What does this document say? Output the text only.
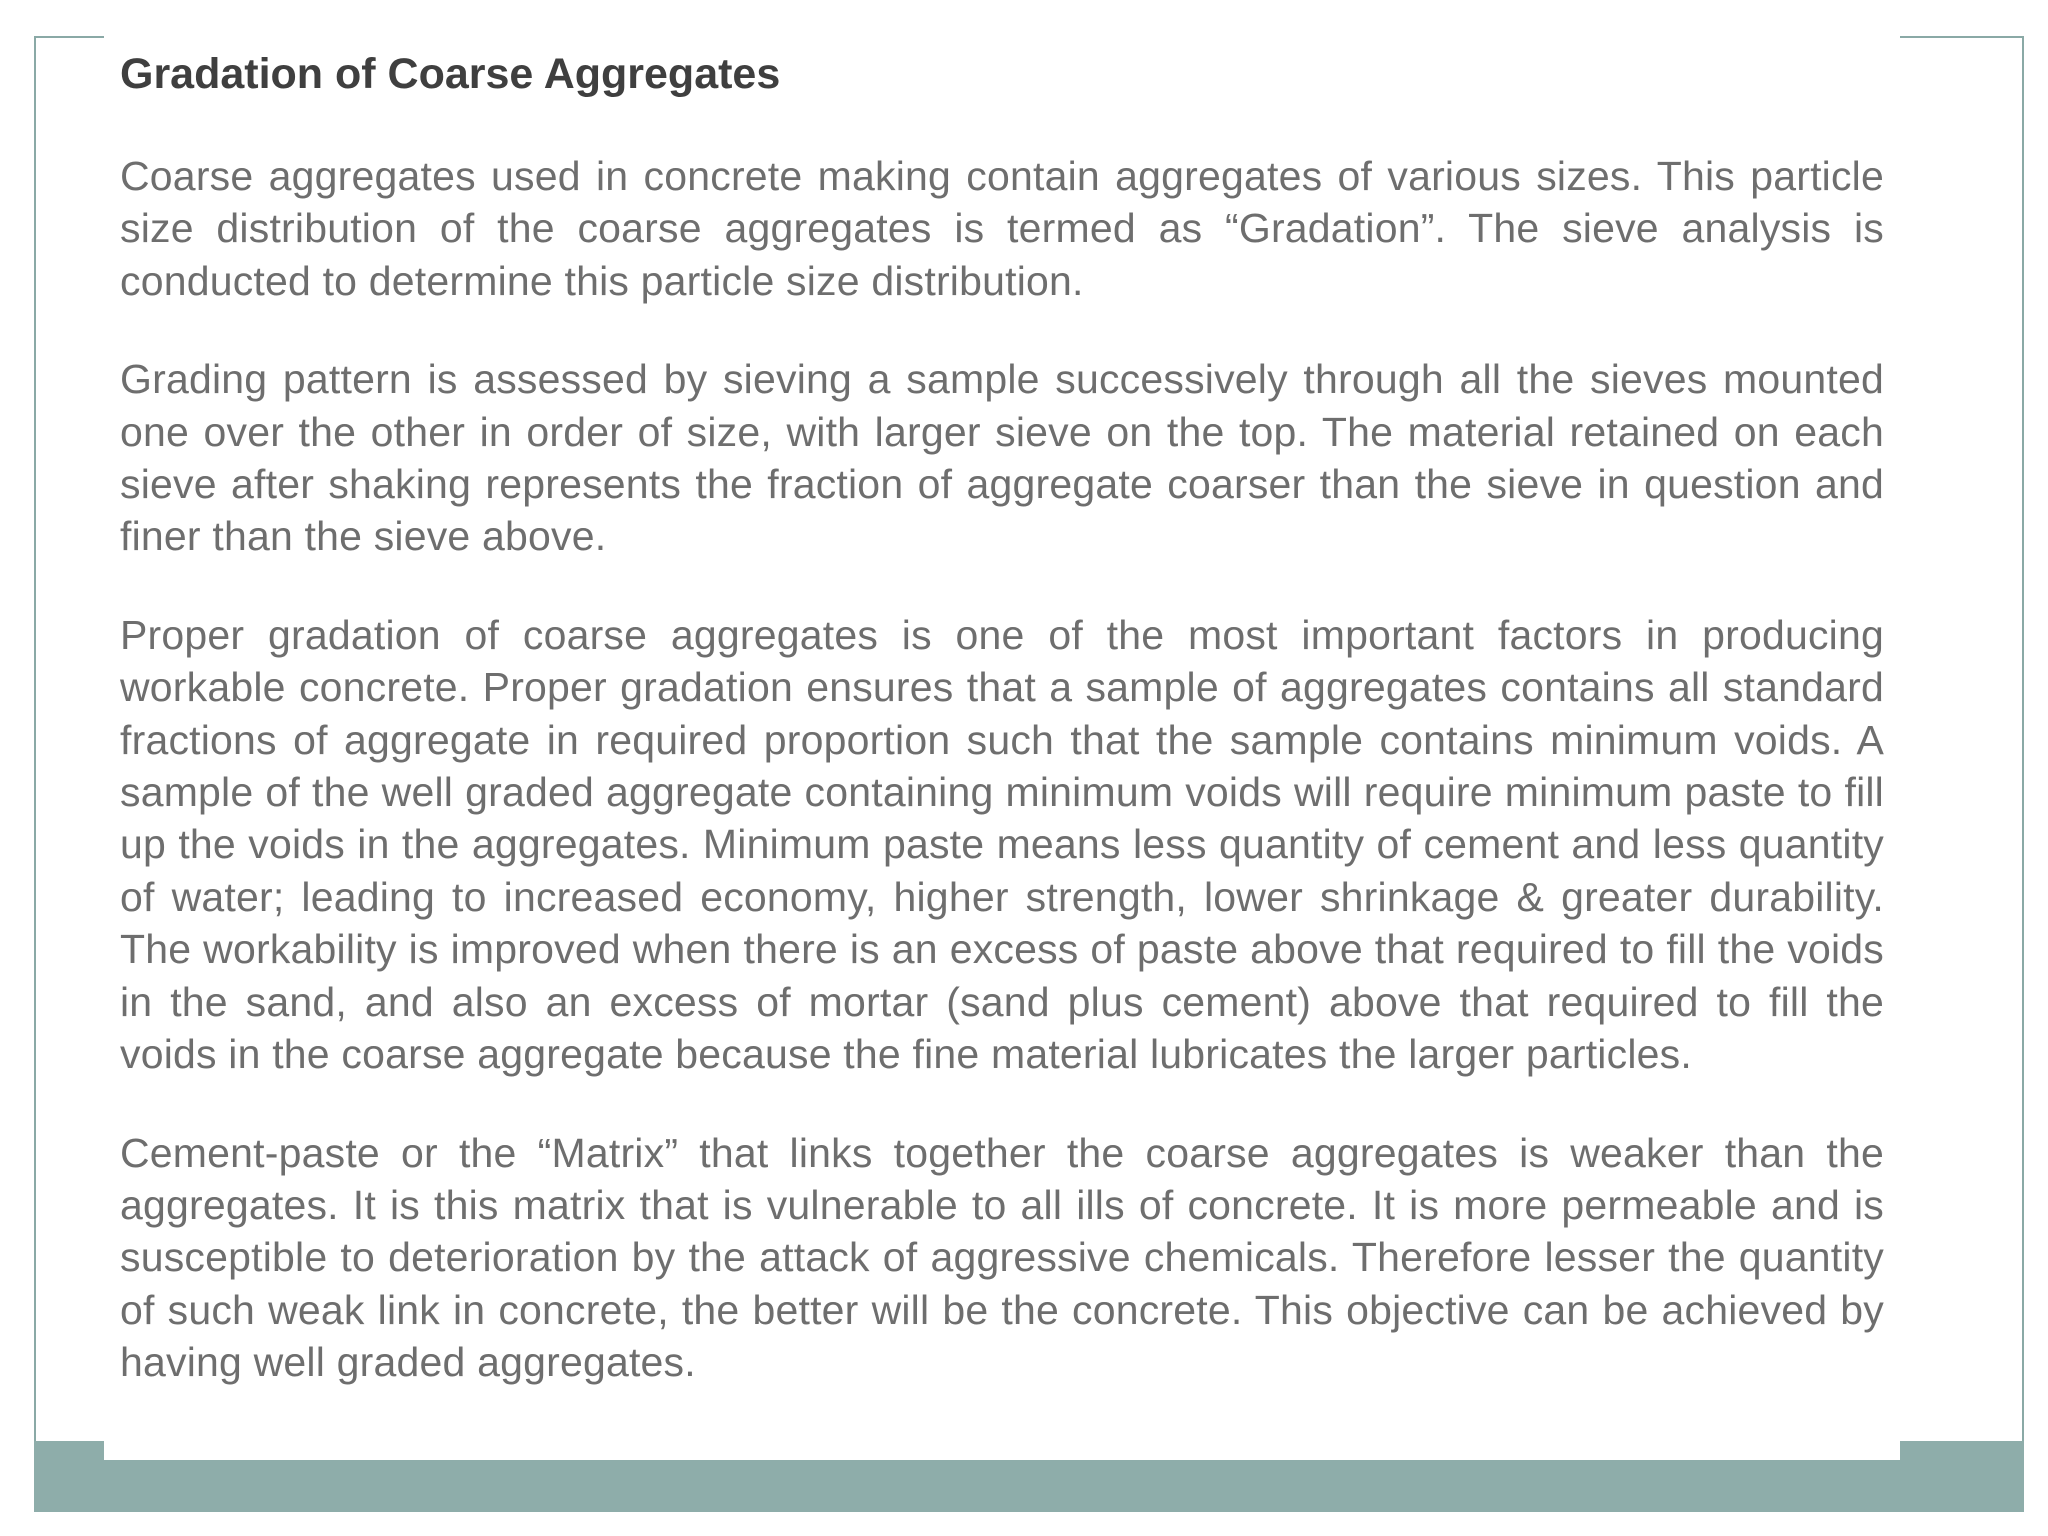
Gradation of Coarse Aggregates

Coarse aggregates used in concrete making contain aggregates of various sizes. This particle size distribution of the coarse aggregates is termed as “Gradation”. The sieve analysis is conducted to determine this particle size distribution.

Grading pattern is assessed by sieving a sample successively through all the sieves mounted one over the other in order of size, with larger sieve on the top. The material retained on each sieve after shaking represents the fraction of aggregate coarser than the sieve in question and finer than the sieve above.

Proper gradation of coarse aggregates is one of the most important factors in producing workable concrete. Proper gradation ensures that a sample of aggregates contains all standard fractions of aggregate in required proportion such that the sample contains minimum voids. A sample of the well graded aggregate containing minimum voids will require minimum paste to fill up the voids in the aggregates. Minimum paste means less quantity of cement and less quantity of water; leading to increased economy, higher strength, lower shrinkage & greater durability. The workability is improved when there is an excess of paste above that required to fill the voids in the sand, and also an excess of mortar (sand plus cement) above that required to fill the voids in the coarse aggregate because the fine material lubricates the larger particles.

Cement-paste or the “Matrix” that links together the coarse aggregates is weaker than the aggregates. It is this matrix that is vulnerable to all ills of concrete. It is more permeable and is susceptible to deterioration by the attack of aggressive chemicals. Therefore lesser the quantity of such weak link in concrete, the better will be the concrete. This objective can be achieved by having well graded aggregates.
